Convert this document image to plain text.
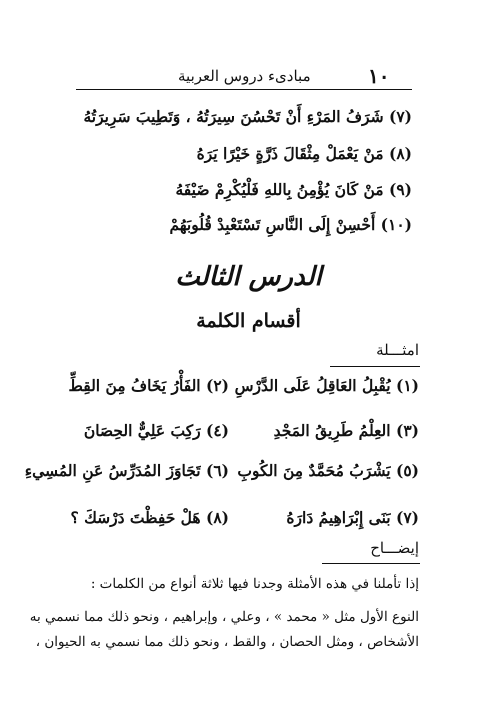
١٠
مبادىء دروس العربية
(٧) شَرَفُ المَرْءِ أَنْ تَحْسُنَ سِيرَتُهُ ، وَتَطِيبَ سَرِيرَتُهُ
(٨) مَنْ يَعْمَلْ مِثْقَالَ ذَرَّةٍ خَيْرًا يَرَهُ
(٩) مَنْ كَانَ يُؤْمِنُ بِاللهِ فَلْيُكْرِمْ ضَيْفَهُ
(١٠) أَحْسِنْ إِلَى النَّاسِ تَسْتَعْبِدْ قُلُوبَهُمْ
الدرس الثالث
أقسام الكلمة
امثـــلة
(١) يُقْبِلُ العَاقِلُ عَلَى الدَّرْسِ
(٢) الفَأْرُ يَخَافُ مِنَ القِطِّ
(٣) العِلْمُ طَرِيقُ المَجْدِ
(٤) رَكِبَ عَلِيٌّ الحِصَانَ
(٥) يَشْرَبُ مُحَمَّدٌ مِنَ الكُوبِ
(٦) تَجَاوَزَ المُدَرِّسُ عَنِ المُسِيءِ
(٧) بَنَى إِبْرَاهِيمُ دَارَهُ
(٨) هَلْ حَفِظْتَ دَرْسَكَ ؟
إيضـــاح
إذا تأملنا في هذه الأمثلة وجدنا فيها ثلاثة أنواع من الكلمات :
النوع الأول مثل « محمد » ، وعلي ، وإبراهيم ، ونحو ذلك مما نسمي به
الأشخاص ، ومثل الحصان ، والقط ، ونحو ذلك مما نسمي به الحيوان ،
